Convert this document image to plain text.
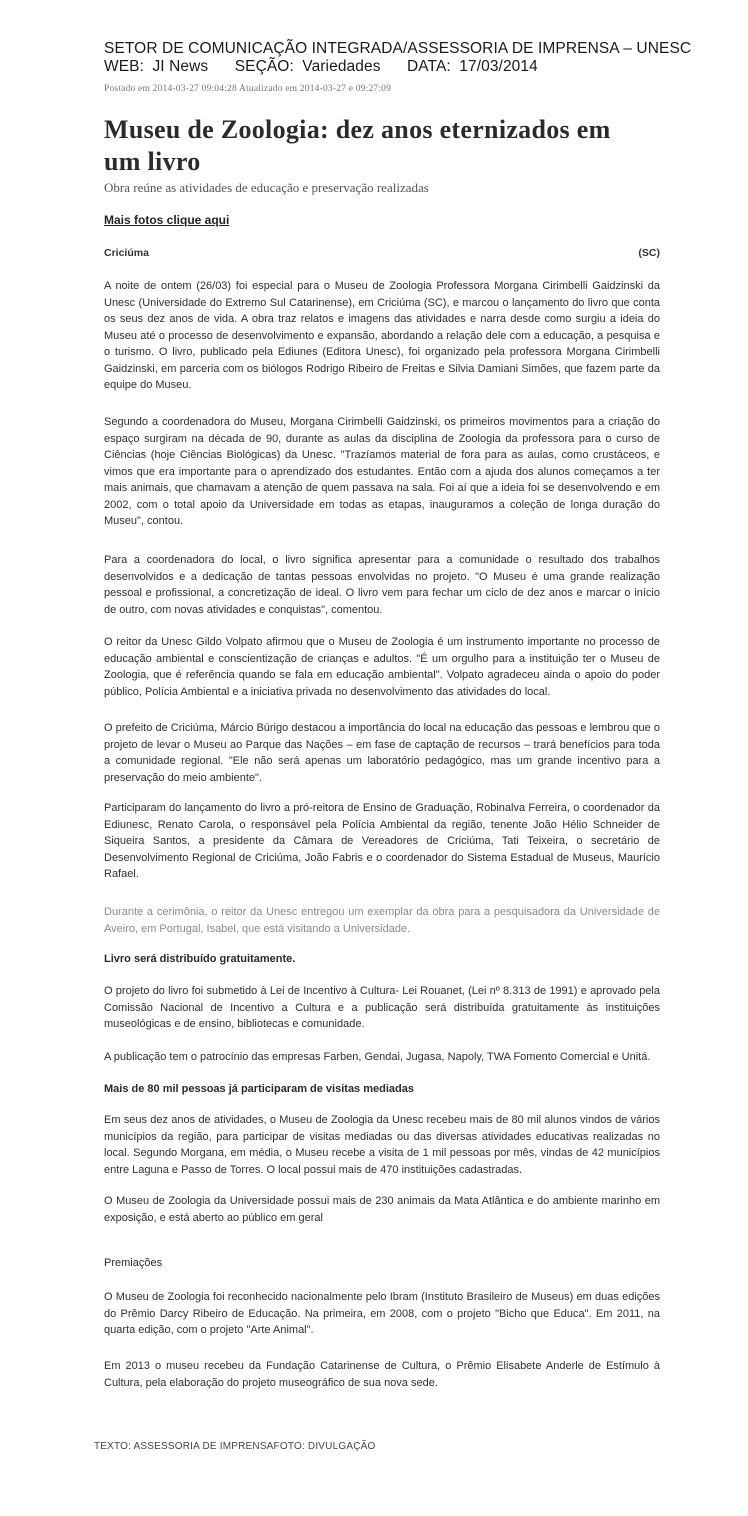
SETOR DE COMUNICAÇÃO INTEGRADA/ASSESSORIA DE IMPRENSA – UNESC
WEB: JI News SEÇÃO: Variedades DATA: 17/03/2014
Postado em 2014-03-27 09:04:28 Atualizado em 2014-03-27 e 09:27:09
Museu de Zoologia: dez anos eternizados em um livro
Obra reúne as atividades de educação e preservação realizadas
Mais fotos clique aqui
Criciúma	(SC)
A noite de ontem (26/03) foi especial para o Museu de Zoologia Professora Morgana Cirimbelli Gaidzinski da Unesc (Universidade do Extremo Sul Catarinense), em Criciúma (SC), e marcou o lançamento do livro que conta os seus dez anos de vida. A obra traz relatos e imagens das atividades e narra desde como surgiu a ideia do Museu até o processo de desenvolvimento e expansão, abordando a relação dele com a educação, a pesquisa e o turismo. O livro, publicado pela Ediunes (Editora Unesc), foi organizado pela professora Morgana Cirimbelli Gaidzinski, em parceria com os biólogos Rodrigo Ribeiro de Freitas e Silvia Damiani Simões, que fazem parte da equipe do Museu.
Segundo a coordenadora do Museu, Morgana Cirimbelli Gaidzinski, os primeiros movimentos para a criação do espaço surgiram na década de 90, durante as aulas da disciplina de Zoologia da professora para o curso de Ciências (hoje Ciências Biológicas) da Unesc. "Trazíamos material de fora para as aulas, como crustáceos, e vimos que era importante para o aprendizado dos estudantes. Então com a ajuda dos alunos começamos a ter mais animais, que chamavam a atenção de quem passava na sala. Foi aí que a ideia foi se desenvolvendo e em 2002, com o total apoio da Universidade em todas as etapas, inauguramos a coleção de longa duração do Museu", contou.
Para a coordenadora do local, o livro significa apresentar para a comunidade o resultado dos trabalhos desenvolvidos e a dedicação de tantas pessoas envolvidas no projeto. "O Museu é uma grande realização pessoal e profissional, a concretização de ideal. O livro vem para fechar um ciclo de dez anos e marcar o início de outro, com novas atividades e conquistas", comentou.
O reitor da Unesc Gildo Volpato afirmou que o Museu de Zoologia é um instrumento importante no processo de educação ambiental e conscientização de crianças e adultos. "É um orgulho para a instituição ter o Museu de Zoologia, que é referência quando se fala em educação ambiental". Volpato agradeceu ainda o apoio do poder público, Polícia Ambiental e a iniciativa privada no desenvolvimento das atividades do local.
O prefeito de Criciúma, Márcio Búrigo destacou a importância do local na educação das pessoas e lembrou que o projeto de levar o Museu ao Parque das Nações – em fase de captação de recursos – trará benefícios para toda a comunidade regional. "Ele não será apenas um laboratório pedagógico, mas um grande incentivo para a preservação do meio ambiente".
Participaram do lançamento do livro a pró-reitora de Ensino de Graduação, Robinalva Ferreira, o coordenador da Ediunesc, Renato Carola, o responsável pela Polícia Ambiental da região, tenente João Hélio Schneider de Siqueira Santos, a presidente da Câmara de Vereadores de Criciúma, Tati Teixeira, o secretário de Desenvolvimento Regional de Criciúma, João Fabris e o coordenador do Sistema Estadual de Museus, Maurício Rafael.
Durante a cerimônia, o reitor da Unesc entregou um exemplar da obra para a pesquisadora da Universidade de Aveiro, em Portugal, Isabel, que está visitando a Universidade.
Livro será distribuído gratuitamente.
O projeto do livro foi submetido à Lei de Incentivo à Cultura- Lei Rouanet, (Lei nº 8.313 de 1991) e aprovado pela Comissão Nacional de Incentivo a Cultura e a publicação será distribuída gratuitamente às instituições museológicas e de ensino, bibliotecas e comunidade.
A publicação tem o patrocínio das empresas Farben, Gendai, Jugasa, Napoly, TWA Fomento Comercial e Unitá.
Mais de 80 mil pessoas já participaram de visitas mediadas
Em seus dez anos de atividades, o Museu de Zoologia da Unesc recebeu mais de 80 mil alunos vindos de vários municípios da região, para participar de visitas mediadas ou das diversas atividades educativas realizadas no local. Segundo Morgana, em média, o Museu recebe a visita de 1 mil pessoas por mês, vindas de 42 municípios entre Laguna e Passo de Torres. O local possui mais de 470 instituições cadastradas.
O Museu de Zoologia da Universidade possui mais de 230 animais da Mata Atlântica e do ambiente marinho em exposição, e está aberto ao público em geral
Premiações
O Museu de Zoologia foi reconhecido nacionalmente pelo Ibram (Instituto Brasileiro de Museus) em duas edições do Prêmio Darcy Ribeiro de Educação. Na primeira, em 2008, com o projeto "Bicho que Educa". Em 2011, na quarta edição, com o projeto "Arte Animal".
Em 2013 o museu recebeu da Fundação Catarinense de Cultura, o Prêmio Elisabete Anderle de Estímulo à Cultura, pela elaboração do projeto museográfico de sua nova sede.
TEXTO: ASSESSORIA DE IMPRENSAFOTO: DIVULGAÇÃO
